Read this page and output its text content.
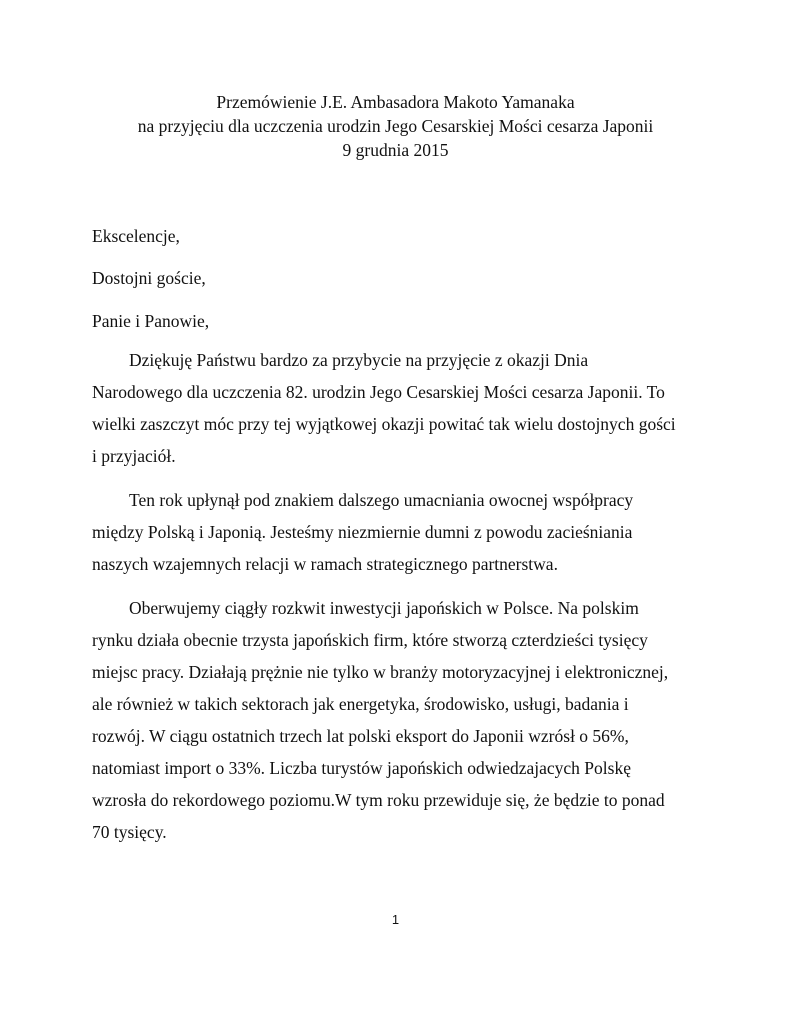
Przemówienie J.E. Ambasadora Makoto Yamanaka
na przyjęciu dla uczczenia urodzin Jego Cesarskiej Mości cesarza Japonii
9 grudnia 2015
Ekscelencje,
Dostojni goście,
Panie i Panowie,
Dziękuję Państwu bardzo za przybycie na przyjęcie z okazji Dnia
Narodowego dla uczczenia 82. urodzin Jego Cesarskiej Mości cesarza Japonii. To
wielki zaszczyt móc przy tej wyjątkowej okazji powitać tak wielu dostojnych gości
i przyjaciół.
Ten rok upłynął pod znakiem dalszego umacniania owocnej współpracy
między Polską i Japonią. Jesteśmy niezmiernie dumni z powodu zacieśniania
naszych wzajemnych relacji w ramach strategicznego partnerstwa.
Oberwujemy ciągły rozkwit inwestycji japońskich w Polsce. Na polskim
rynku działa obecnie trzysta japońskich firm, które stworzą czterdzieści tysięcy
miejsc pracy. Działają prężnie nie tylko w branży motoryzacyjnej i elektronicznej,
ale również w takich sektorach jak energetyka, środowisko, usługi, badania i
rozwój. W ciągu ostatnich trzech lat polski eksport do Japonii wzrósł o 56%,
natomiast import o 33%. Liczba turystów japońskich odwiedzajacych Polskę
wzrosła do rekordowego poziomu.W tym roku przewiduje się, że będzie to ponad
70 tysięcy.
1
